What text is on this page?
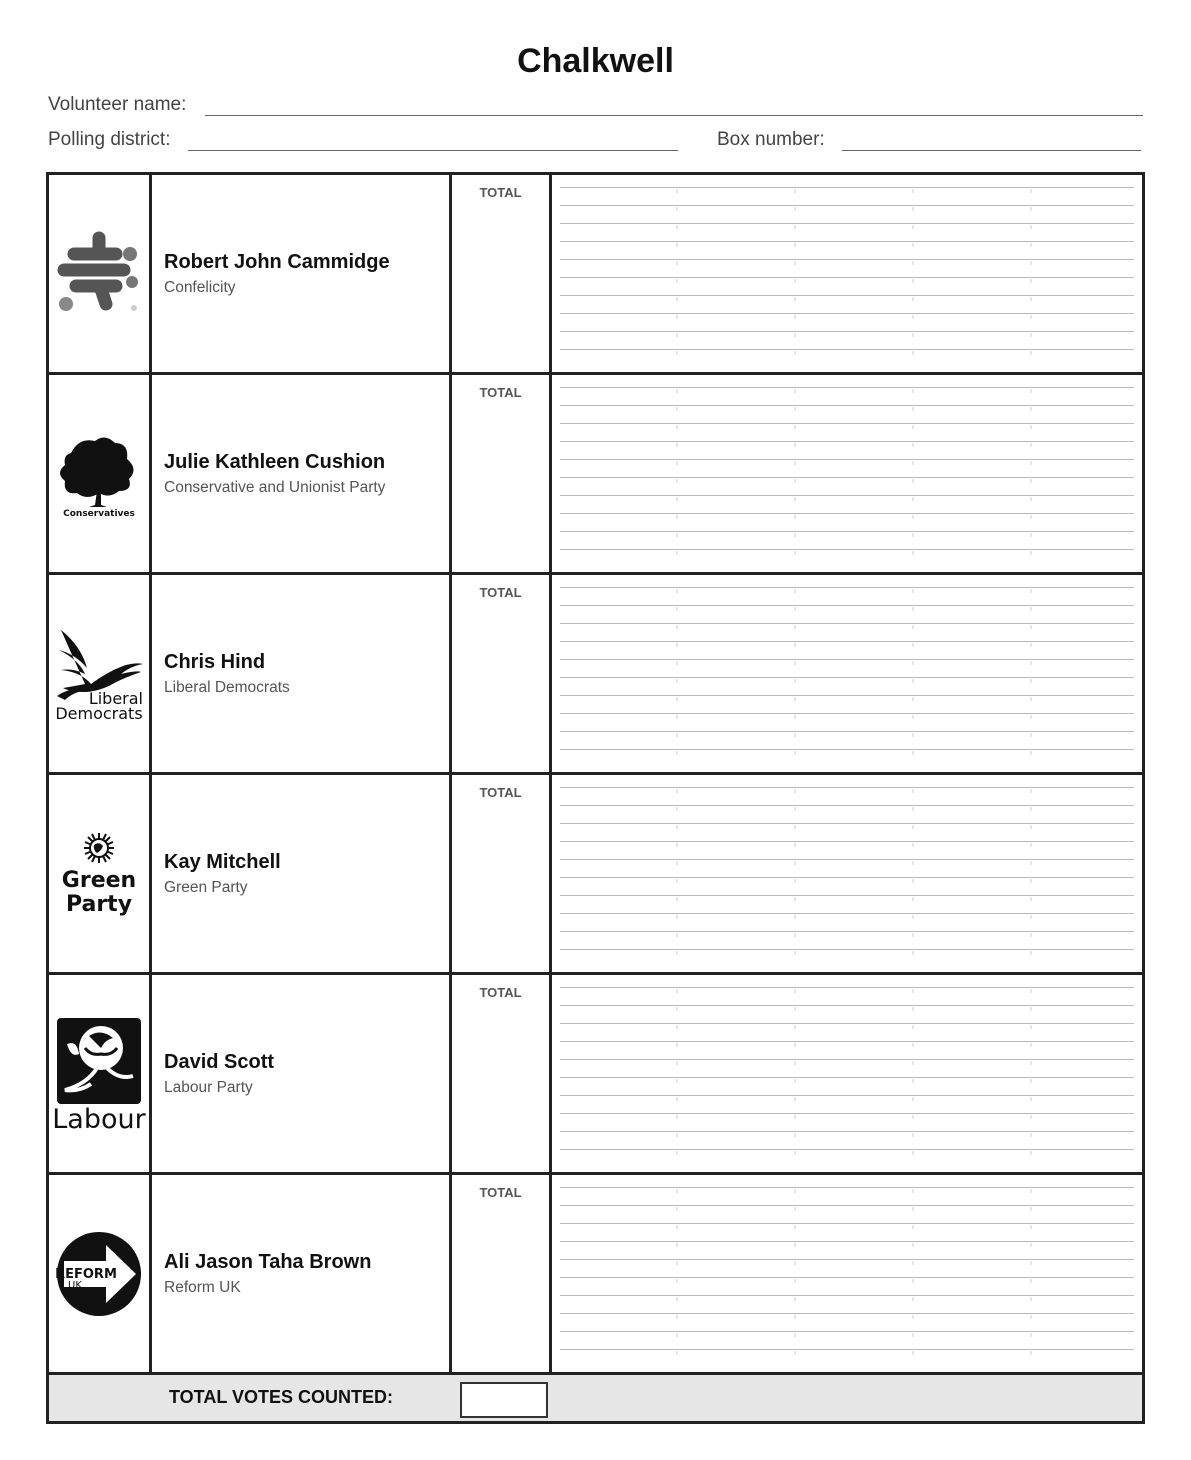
Chalkwell
Volunteer name:
Polling district:	Box number:
Robert John Cammidge
Confelicity
TOTAL
Conservatives
Julie Kathleen Cushion
Conservative and Unionist Party
TOTAL
Liberal
Democrats
Chris Hind
Liberal Democrats
TOTAL
Green
Party
Kay Mitchell
Green Party
TOTAL
Labour
David Scott
Labour Party
TOTAL
REFORM
UK
Ali Jason Taha Brown
Reform UK
TOTAL
TOTAL VOTES COUNTED:
